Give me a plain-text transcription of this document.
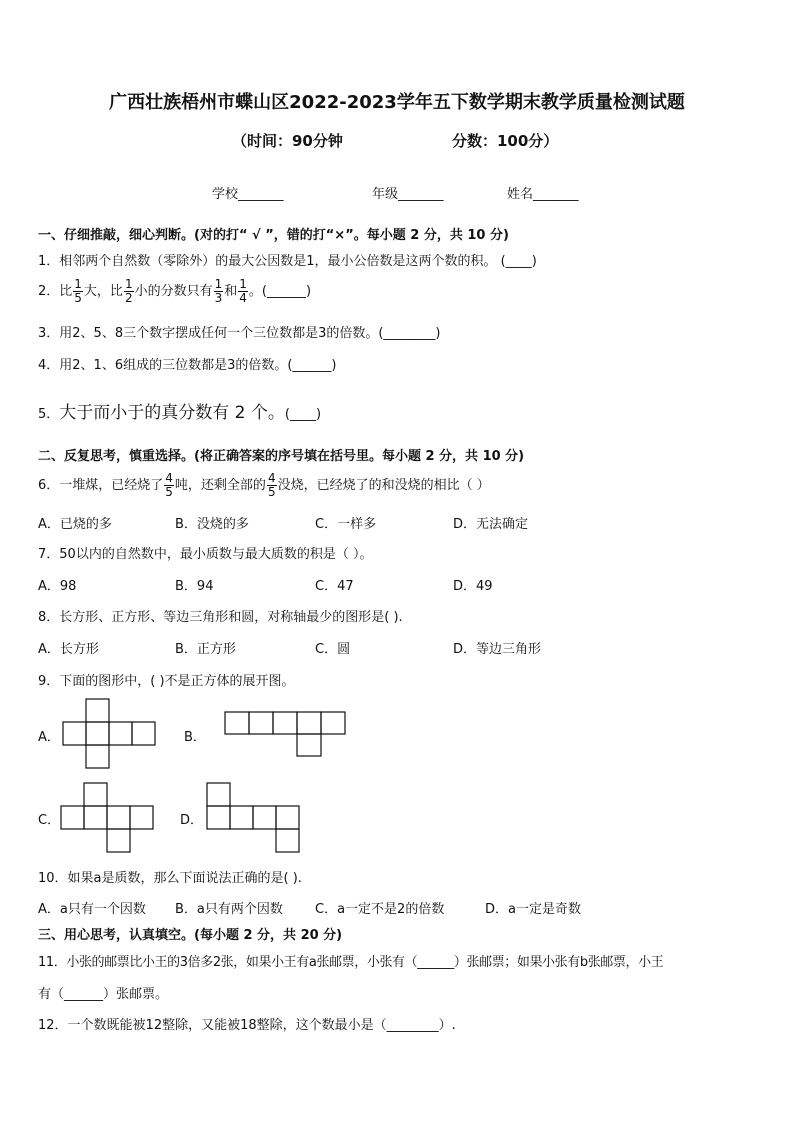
广西壮族梧州市蝶山区2022-2023学年五下数学期末教学质量检测试题
（时间：90分钟	分数：100分）
学校_______	年级_______	姓名_______
一、仔细推敲，细心判断。(对的打“ √ ”，错的打“×”。每小题 2 分，共 10 分)
1．相邻两个自然数（零除外）的最大公因数是1，最小公倍数是这两个数的积。 (____)
2．比 $\frac{1}{5}$ 大，比 $\frac{1}{2}$ 小的分数只有 $\frac{1}{3}$ 和 $\frac{1}{4}$ 。(______)
3．用2、5、8三个数字摆成任何一个三位数都是3的倍数。(________)
4．用2、1、6组成的三位数都是3的倍数。(______)
5．大于而小于的真分数有 2 个。(____)
二、反复思考，慎重选择。(将正确答案的序号填在括号里。每小题 2 分，共 10 分)
6．一堆煤，已经烧了 $\frac{4}{5}$ 吨，还剩全部的 $\frac{4}{5}$ 没烧，已经烧了的和没烧的相比（ ）
A．已烧的多	B．没烧的多	C．一样多	D．无法确定
7．50以内的自然数中，最小质数与最大质数的积是（ ）。
A．98	B．94	C．47	D．49
8．长方形、正方形、等边三角形和圆，对称轴最少的图形是( ).
A．长方形	B．正方形	C．圆	D．等边三角形
9．下面的图形中，( )不是正方体的展开图。
A．	B．
C．	D．
10．如果a是质数，那么下面说法正确的是( ).
A．a只有一个因数 B．a只有两个因数 C．a一定不是2的倍数	D．a一定是奇数
三、用心思考，认真填空。(每小题 2 分，共 20 分)
11．小张的邮票比小王的3倍多2张，如果小王有a张邮票，小张有（______）张邮票；如果小张有b张邮票，小王
有（______）张邮票。
12．一个数既能被12整除，又能被18整除，这个数最小是（________）.
